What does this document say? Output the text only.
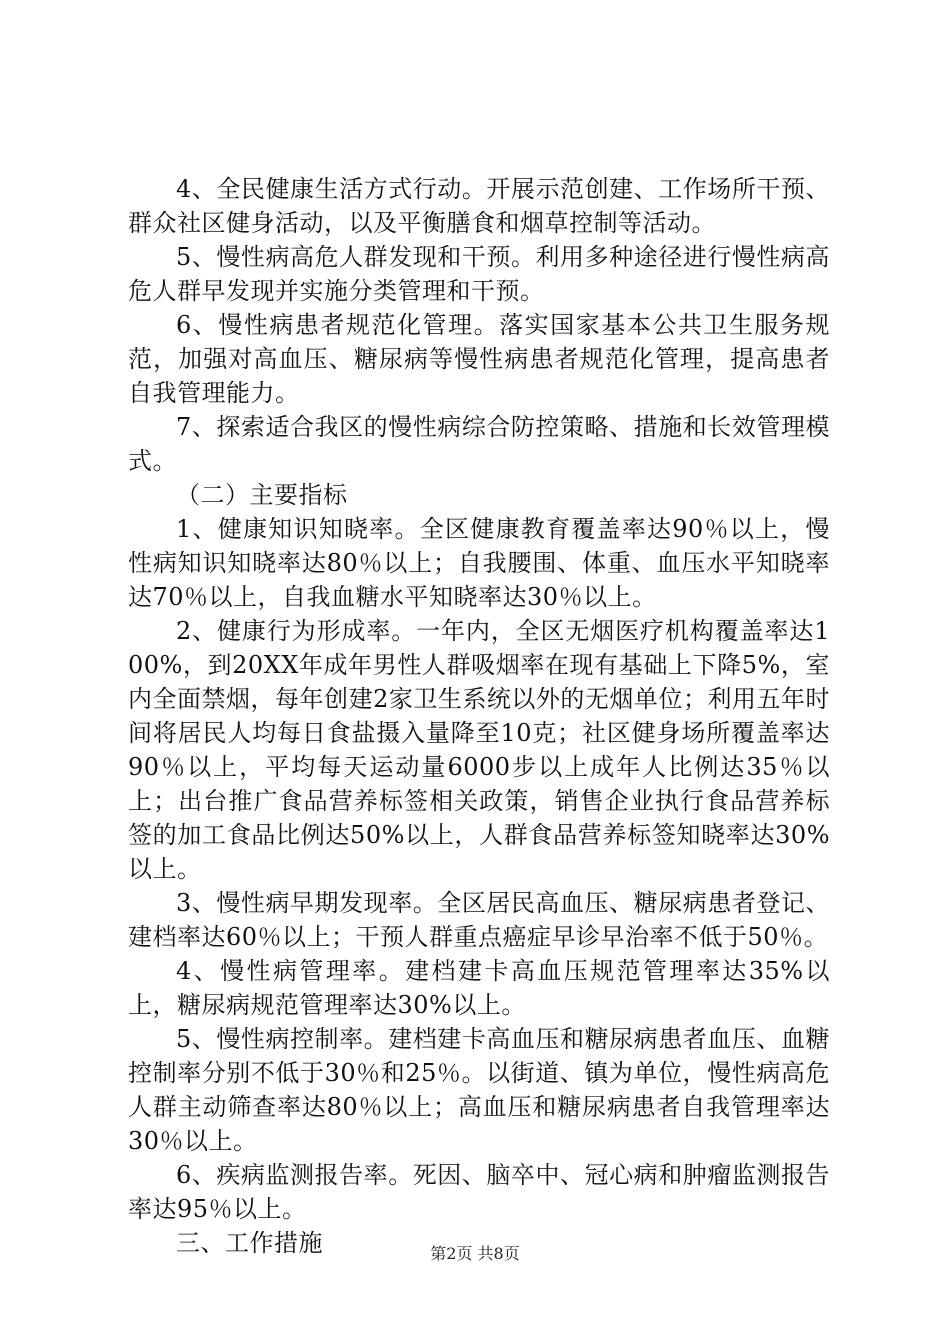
4、全民健康生活方式行动。开展示范创建、工作场所干预、群众社区健身活动，以及平衡膳食和烟草控制等活动。

5、慢性病高危人群发现和干预。利用多种途径进行慢性病高危人群早发现并实施分类管理和干预。

6、慢性病患者规范化管理。落实国家基本公共卫生服务规范，加强对高血压、糖尿病等慢性病患者规范化管理，提高患者自我管理能力。

7、探索适合我区的慢性病综合防控策略、措施和长效管理模式。

（二）主要指标

1、健康知识知晓率。全区健康教育覆盖率达90％以上，慢性病知识知晓率达80％以上；自我腰围、体重、血压水平知晓率达70％以上，自我血糖水平知晓率达30％以上。

2、健康行为形成率。一年内，全区无烟医疗机构覆盖率达100%，到20XX年成年男性人群吸烟率在现有基础上下降5%，室内全面禁烟，每年创建2家卫生系统以外的无烟单位；利用五年时间将居民人均每日食盐摄入量降至10克；社区健身场所覆盖率达90％以上，平均每天运动量6000步以上成年人比例达35％以上；出台推广食品营养标签相关政策，销售企业执行食品营养标签的加工食品比例达50%以上，人群食品营养标签知晓率达30%以上。

3、慢性病早期发现率。全区居民高血压、糖尿病患者登记、建档率达60％以上；干预人群重点癌症早诊早治率不低于50％。

4、慢性病管理率。建档建卡高血压规范管理率达35%以上，糖尿病规范管理率达30%以上。

5、慢性病控制率。建档建卡高血压和糖尿病患者血压、血糖控制率分别不低于30％和25％。以街道、镇为单位，慢性病高危人群主动筛查率达80％以上；高血压和糖尿病患者自我管理率达30％以上。

6、疾病监测报告率。死因、脑卒中、冠心病和肿瘤监测报告率达95％以上。

三、工作措施	第2页 共8页
